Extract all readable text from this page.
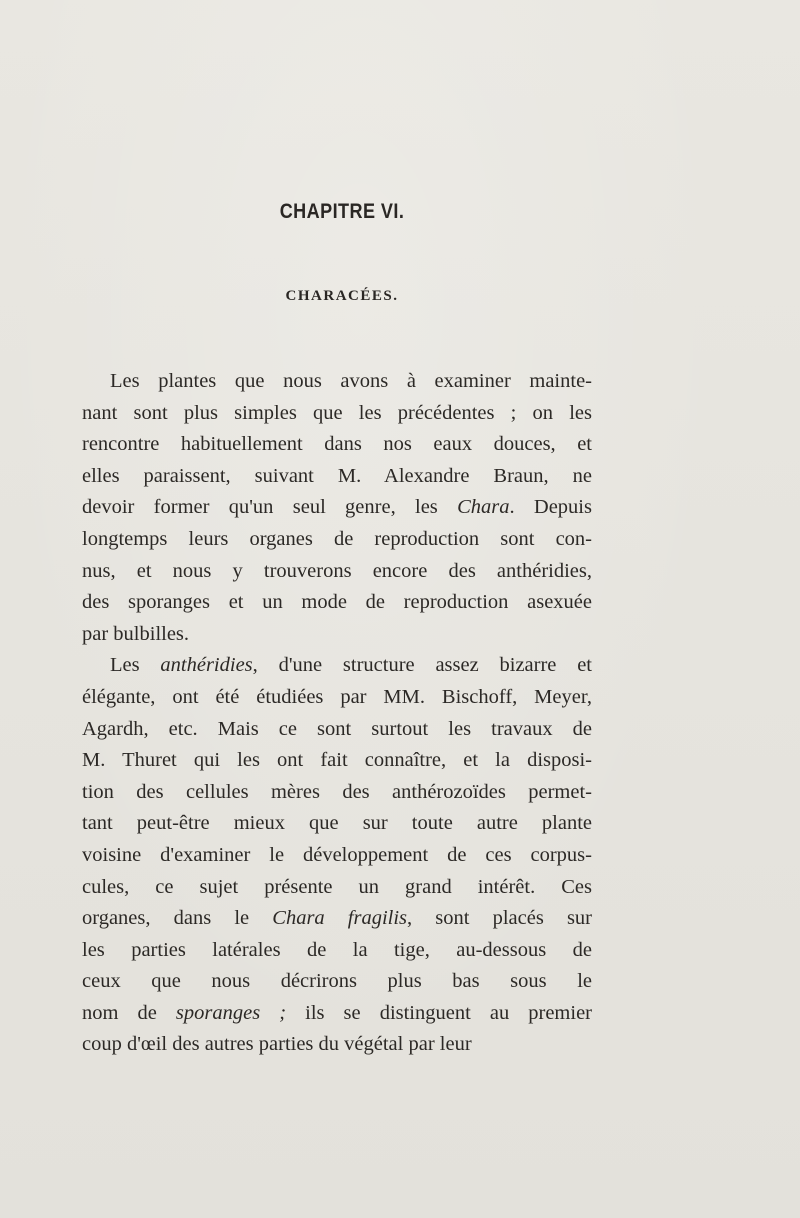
CHAPITRE VI.
CHARACÉES.
Les plantes que nous avons à examiner mainte-
nant sont plus simples que les précédentes ; on les
rencontre habituellement dans nos eaux douces, et
elles paraissent, suivant M. Alexandre Braun, ne
devoir former qu'un seul genre, les Chara. Depuis
longtemps leurs organes de reproduction sont con-
nus, et nous y trouverons encore des anthéridies,
des sporanges et un mode de reproduction asexuée
par bulbilles.
Les anthéridies, d'une structure assez bizarre et
élégante, ont été étudiées par MM. Bischoff, Meyer,
Agardh, etc. Mais ce sont surtout les travaux de
M. Thuret qui les ont fait connaître, et la disposi-
tion des cellules mères des anthérozoïdes permet-
tant peut-être mieux que sur toute autre plante
voisine d'examiner le développement de ces corpus-
cules, ce sujet présente un grand intérêt. Ces
organes, dans le Chara fragilis, sont placés sur
les parties latérales de la tige, au-dessous de
ceux que nous décrirons plus bas sous le
nom de sporanges ; ils se distinguent au premier
coup d'œil des autres parties du végétal par leur
